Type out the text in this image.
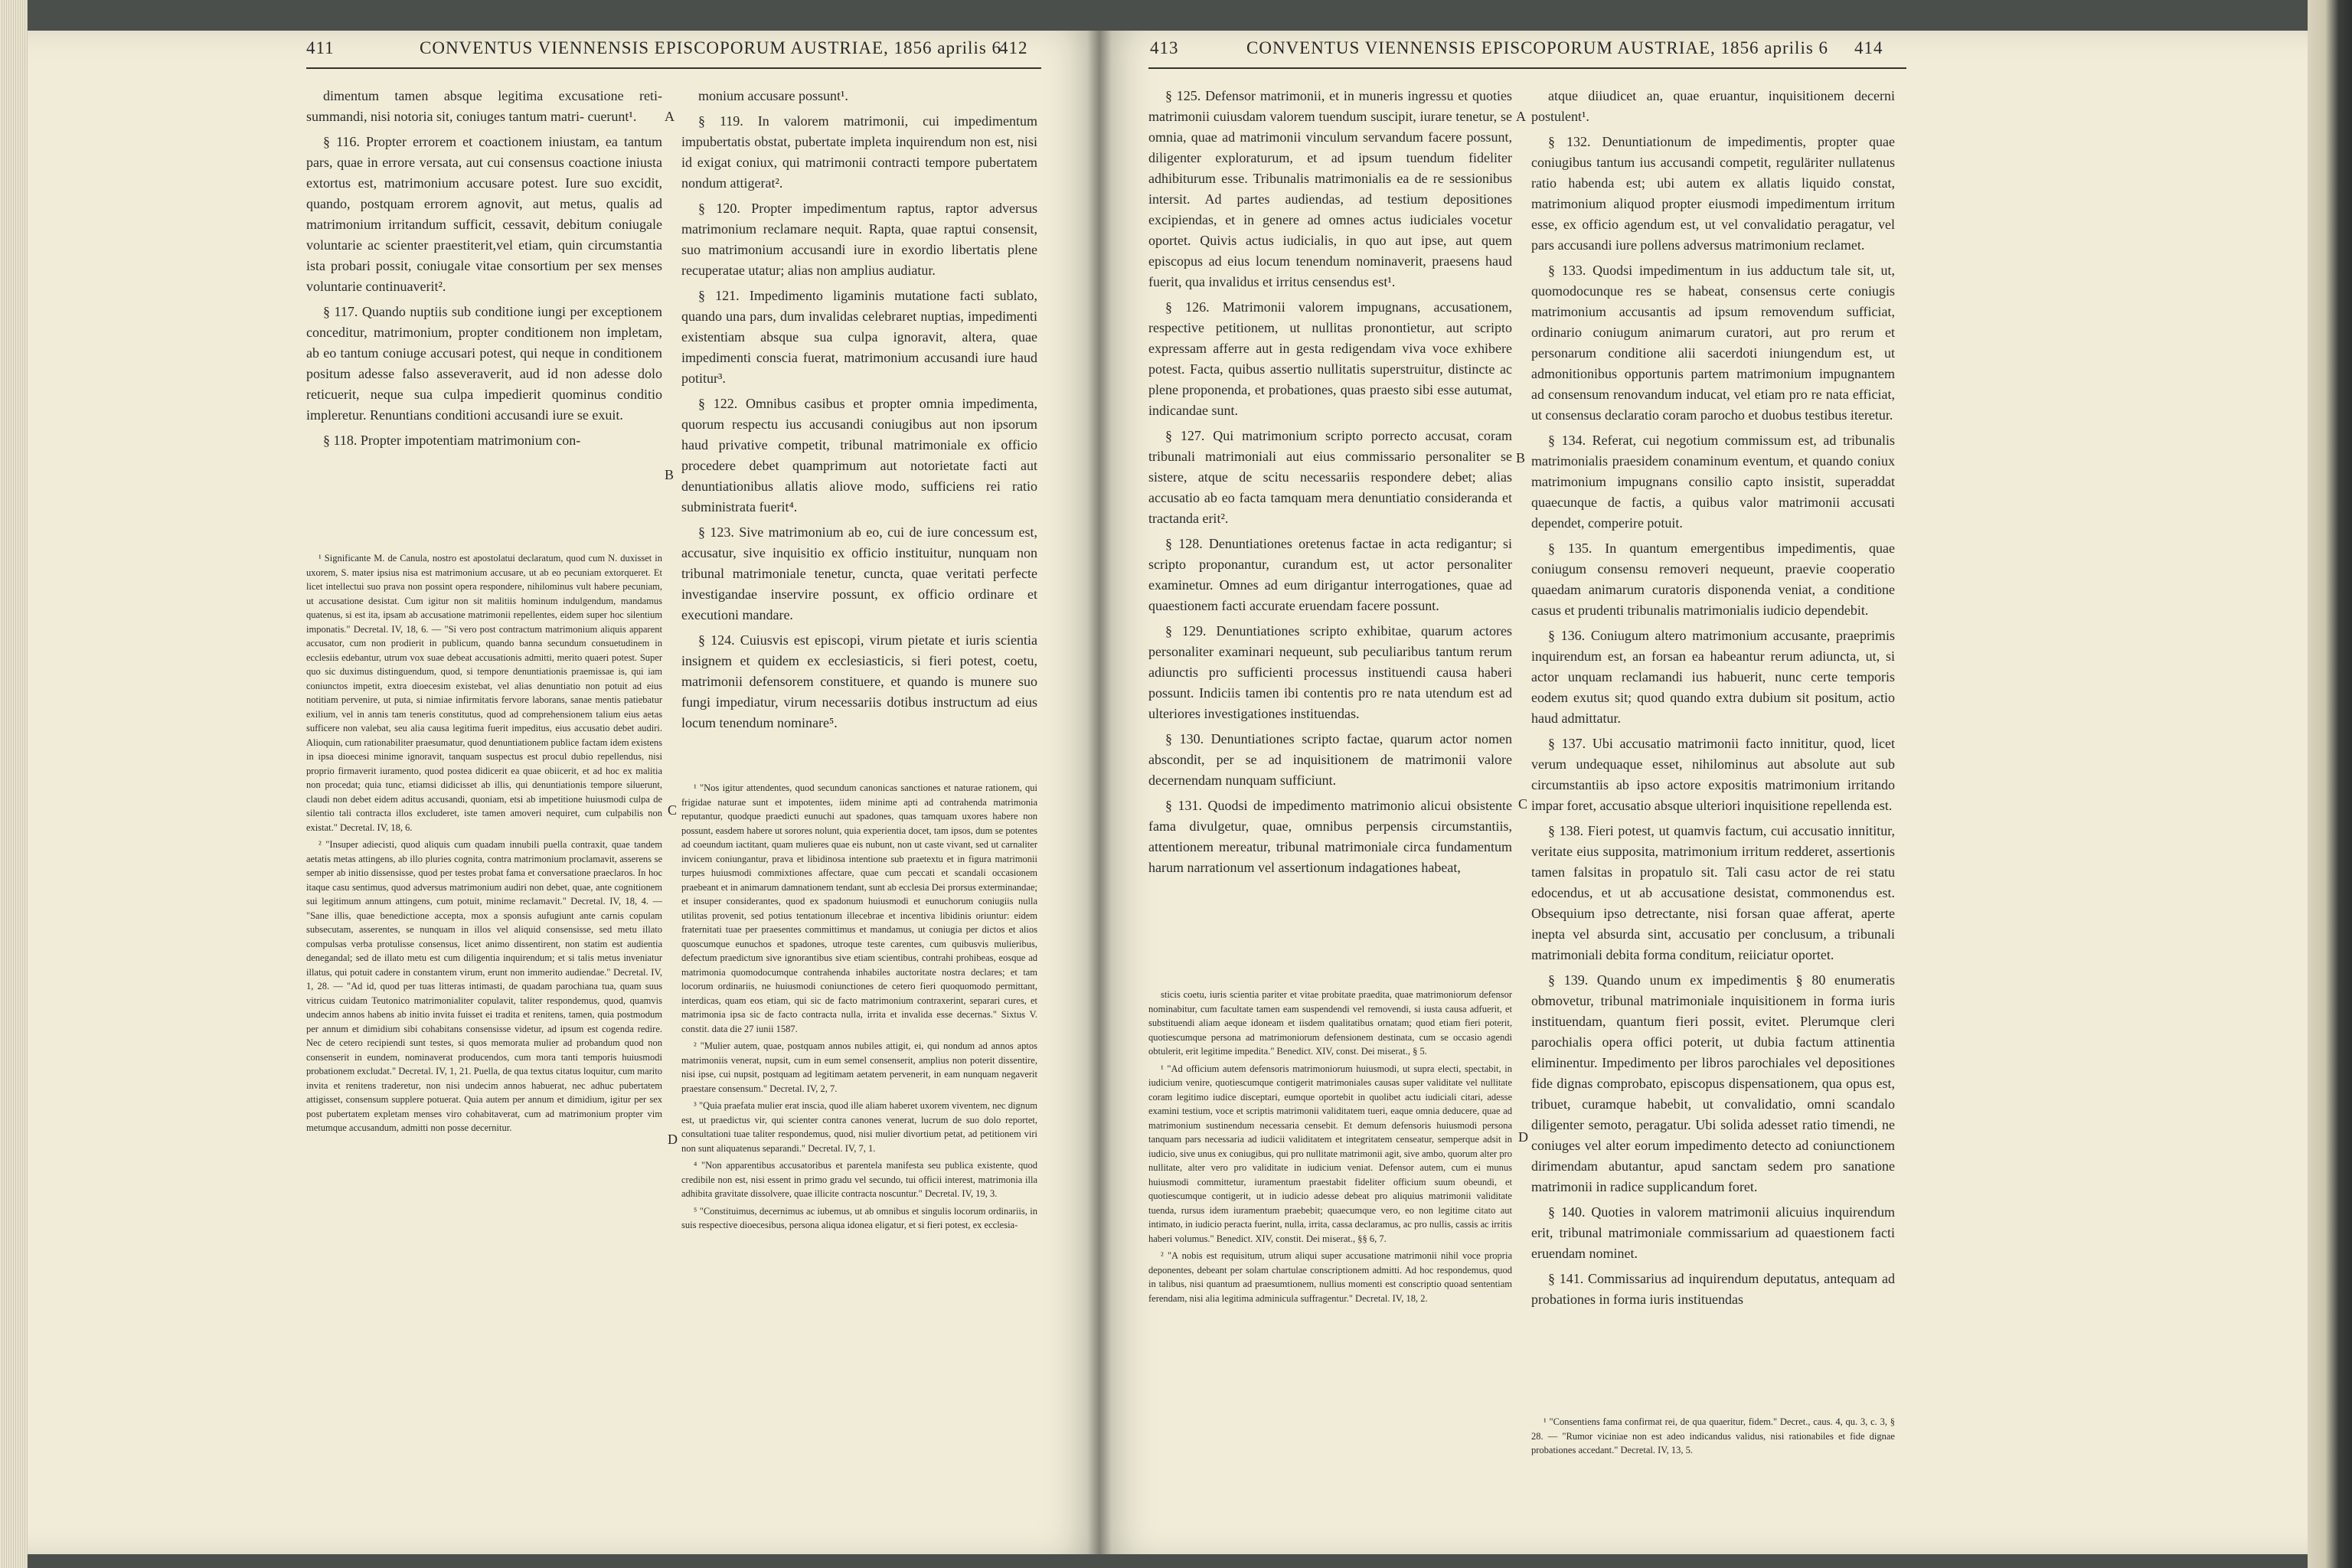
411	CONVENTUS VIENNENSIS EPISCOPORUM AUSTRIAE, 1856 aprilis 6
412

dimentum tamen absque legitima excusatione reti- summandi, nisi notoria sit, coniuges tantum matri- cuerunt¹.

§ 116. Propter errorem et coactionem iniustam, ea tantum pars, quae in errore versata, aut cui consensus coactione iniusta extortus est, matrimonium accusare potest. Iure suo excidit, quando, postquam errorem agnovit, aut metus, qualis ad matrimonium irritandum sufficit, cessavit, debitum coniugale voluntarie ac scienter praestiterit,vel etiam, quin circumstantia ista probari possit, coniugale vitae consortium per sex menses voluntarie continuaverit².

§ 117. Quando nuptiis sub conditione iungi per exceptionem conceditur, matrimonium, propter conditionem non impletam, ab eo tantum coniuge accusari potest, qui neque in conditionem positum adesse falso asseveraverit, aud id non adesse dolo reticuerit, neque sua culpa impedierit quominus conditio impleretur. Renuntians conditioni accusandi iure se exuit.

§ 118. Propter impotentiam matrimonium con-

monium accusare possunt¹.

§ 119. In valorem matrimonii, cui impedimentum impubertatis obstat, pubertate impleta inquirendum non est, nisi id exigat coniux, qui matrimonii contracti tempore pubertatem nondum attigerat².

§ 120. Propter impedimentum raptus, raptor adversus matrimonium reclamare nequit. Rapta, quae raptui consensit, suo matrimonium accusandi iure in exordio libertatis plene recuperatae utatur; alias non amplius audiatur.

§ 121. Impedimento ligaminis mutatione facti sublato, quando una pars, dum invalidas celebraret nuptias, impedimenti existentiam absque sua culpa ignoravit, altera, quae impedimenti conscia fuerat, matrimonium accusandi iure haud potitur³.

§ 122. Omnibus casibus et propter omnia impedimenta, quorum respectu ius accusandi coniugibus aut non ipsorum haud privative competit, tribunal matrimoniale ex officio procedere debet quamprimum aut notorietate facti aut denuntiationibus allatis aliove modo, sufficiens rei ratio subministrata fuerit⁴.

§ 123. Sive matrimonium ab eo, cui de iure concessum est, accusatur, sive inquisitio ex officio instituitur, nunquam non tribunal matrimoniale tenetur, cuncta, quae veritati perfecte investigandae inservire possunt, ex officio ordinare et executioni mandare.

§ 124. Cuiusvis est episcopi, virum pietate et iuris scientia insignem et quidem ex ecclesiasticis, si fieri potest, coetu, matrimonii defensorem constituere, et quando is munere suo fungi impediatur, virum necessariis dotibus instructum ad eius locum tenendum nominare⁵.

¹ Significante M. de Canula, nostro est apostolatui declaratum, quod cum N. duxisset in uxorem, S. mater ipsius nisa est matrimonium accusare, ut ab eo pecuniam extorqueret. Et licet intellectui suo prava non possint opera respondere, nihilominus vult habere pecuniam, ut accusatione desistat. Cum igitur non sit malitiis hominum indulgendum, mandamus quatenus, si est ita, ipsam ab accusatione matrimonii repellentes, eidem super hoc silentium imponatis." Decretal. IV, 18, 6. — "Si vero post contractum matrimonium aliquis apparent accusator, cum non prodierit in publicum, quando banna secundum consuetudinem in ecclesiis edebantur, utrum vox suae debeat accusationis admitti, merito quaeri potest. Super quo sic duximus distinguendum, quod, si tempore denuntiationis praemissae is, qui iam coniunctos impetit, extra dioecesim existebat, vel alias denuntiatio non potuit ad eius notitiam pervenire, ut puta, si nimiae infirmitatis fervore laborans, sanae mentis patiebatur exilium, vel in annis tam teneris constitutus, quod ad comprehensionem talium eius aetas sufficere non valebat, seu alia causa legitima fuerit impeditus, eius accusatio debet audiri. Alioquin, cum rationabiliter praesumatur, quod denuntiationem publice factam idem existens in ipsa dioecesi minime ignoravit, tanquam suspectus est procul dubio repellendus, nisi proprio firmaverit iuramento, quod postea didicerit ea quae obiicerit, et ad hoc ex malitia non procedat; quia tunc, etiamsi didicisset ab illis, qui denuntiationis tempore siluerunt, claudi non debet eidem aditus accusandi, quoniam, etsi ab impetitione huiusmodi culpa de silentio tali contracta illos excluderet, iste tamen amoveri nequiret, cum culpabilis non existat." Decretal. IV, 18, 6.

² "Insuper adiecisti, quod aliquis cum quadam innubili puella contraxit, quae tandem aetatis metas attingens, ab illo pluries cognita, contra matrimonium proclamavit, asserens se semper ab initio dissensisse, quod per testes probat fama et conversatione praeclaros. In hoc itaque casu sentimus, quod adversus matrimonium audiri non debet, quae, ante cognitionem sui legitimum annum attingens, cum potuit, minime reclamavit." Decretal. IV, 18, 4. — "Sane illis, quae benedictione accepta, mox a sponsis aufugiunt ante carnis copulam subsecutam, asserentes, se nunquam in illos vel aliquid consensisse, sed metu illato compulsas verba protulisse consensus, licet animo dissentirent, non statim est audientia denegandal; sed de illato metu est cum diligentia inquirendum; et si talis metus inveniatur illatus, qui potuit cadere in constantem virum, erunt non immerito audiendae." Decretal. IV, 1, 28. — "Ad id, quod per tuas litteras intimasti, de quadam parochiana tua, quam suus vitricus cuidam Teutonico matrimonialiter copulavit, taliter respondemus, quod, quamvis undecim annos habens ab initio invita fuisset ei tradita et renitens, tamen, quia postmodum per annum et dimidium sibi cohabitans consensisse videtur, ad ipsum est cogenda redire. Nec de cetero recipiendi sunt testes, si quos memorata mulier ad probandum quod non consenserit in eundem, nominaverat producendos, cum mora tanti temporis huiusmodi probationem excludat." Decretal. IV, 1, 21. Puella, de qua textus citatus loquitur, cum marito invita et renitens traderetur, non nisi undecim annos habuerat, nec adhuc pubertatem attigisset, consensum supplere potuerat. Quia autem per annum et dimidium, igitur per sex post pubertatem expletam menses viro cohabitaverat, cum ad matrimonium propter vim metumque accusandum, admitti non posse decernitur.

¹ "Nos igitur attendentes, quod secundum canonicas sanctiones et naturae rationem, qui frigidae naturae sunt et impotentes, iidem minime apti ad contrahenda matrimonia reputantur, quodque praedicti eunuchi aut spadones, quas tamquam uxores habere non possunt, easdem habere ut sorores nolunt, quia experientia docet, tam ipsos, dum se potentes ad coeundum iactitant, quam mulieres quae eis nubunt, non ut caste vivant, sed ut carnaliter invicem coniungantur, prava et libidinosa intentione sub praetextu et in figura matrimonii turpes huiusmodi commixtiones affectare, quae cum peccati et scandali occasionem praebeant et in animarum damnationem tendant, sunt ab ecclesia Dei prorsus exterminandae; et insuper considerantes, quod ex spadonum huiusmodi et eunuchorum coniugiis nulla utilitas provenit, sed potius tentationum illecebrae et incentiva libidinis oriuntur: eidem fraternitati tuae per praesentes committimus et mandamus, ut coniugia per dictos et alios quoscumque eunuchos et spadones, utroque teste carentes, cum quibusvis mulieribus, defectum praedictum sive ignorantibus sive etiam scientibus, contrahi prohibeas, eosque ad matrimonia quomodocumque contrahenda inhabiles auctoritate nostra declares; et tam locorum ordinariis, ne huiusmodi coniunctiones de cetero fieri quoquomodo permittant, interdicas, quam eos etiam, qui sic de facto matrimonium contraxerint, separari cures, et matrimonia ipsa sic de facto contracta nulla, irrita et invalida esse decernas." Sixtus V. constit. data die 27 iunii 1587.

² "Mulier autem, quae, postquam annos nubiles attigit, ei, qui nondum ad annos aptos matrimoniis venerat, nupsit, cum in eum semel consenserit, amplius non poterit dissentire, nisi ipse, cui nupsit, postquam ad legitimam aetatem pervenerit, in eam nunquam negaverit praestare consensum." Decretal. IV, 2, 7.

³ "Quia praefata mulier erat inscia, quod ille aliam haberet uxorem viventem, nec dignum est, ut praedictus vir, qui scienter contra canones venerat, lucrum de suo dolo reportet, consultationi tuae taliter respondemus, quod, nisi mulier divortium petat, ad petitionem viri non sunt aliquatenus separandi." Decretal. IV, 7, 1.

⁴ "Non apparentibus accusatoribus et parentela manifesta seu publica existente, quod credibile non est, nisi essent in primo gradu vel secundo, tui officii interest, matrimonia illa adhibita gravitate dissolvere, quae illicite contracta noscuntur." Decretal. IV, 19, 3.

⁵ "Constituimus, decernimus ac iubemus, ut ab omnibus et singulis locorum ordinariis, in suis respective dioecesibus, persona aliqua idonea eligatur, et si fieri potest, ex ecclesia-

A
B
C
D
413	CONVENTUS VIENNENSIS EPISCOPORUM AUSTRIAE, 1856 aprilis 6 414

§ 125. Defensor matrimonii, et in muneris ingressu et quoties matrimonii cuiusdam valorem tuendum suscipit, iurare tenetur, se omnia, quae ad matrimonii vinculum servandum facere possunt, diligenter exploraturum, et ad ipsum tuendum fideliter adhibiturum esse. Tribunalis matrimonialis ea de re sessionibus intersit. Ad partes audiendas, ad testium depositiones excipiendas, et in genere ad omnes actus iudiciales vocetur oportet. Quivis actus iudicialis, in quo aut ipse, aut quem episcopus ad eius locum tenendum nominaverit, praesens haud fuerit, qua invalidus et irritus censendus est¹.

§ 126. Matrimonii valorem impugnans, accusationem, respective petitionem, ut nullitas pronontietur, aut scripto expressam afferre aut in gesta redigendam viva voce exhibere potest. Facta, quibus assertio nullitatis superstruitur, distincte ac plene proponenda, et probationes, quas praesto sibi esse autumat, indicandae sunt.

§ 127. Qui matrimonium scripto porrecto accusat, coram tribunali matrimoniali aut eius commissario personaliter se sistere, atque de scitu necessariis respondere debet; alias accusatio ab eo facta tamquam mera denuntiatio consideranda et tractanda erit².

§ 128. Denuntiationes oretenus factae in acta redigantur; si scripto proponantur, curandum est, ut actor personaliter examinetur. Omnes ad eum dirigantur interrogationes, quae ad quaestionem facti accurate eruendam facere possunt.

§ 129. Denuntiationes scripto exhibitae, quarum actores personaliter examinari nequeunt, sub peculiaribus tantum rerum adiunctis pro sufficienti processus instituendi causa haberi possunt. Indiciis tamen ibi contentis pro re nata utendum est ad ulteriores investigationes instituendas.

§ 130. Denuntiationes scripto factae, quarum actor nomen abscondit, per se ad inquisitionem de matrimonii valore decernendam nunquam sufficiunt.

§ 131. Quodsi de impedimento matrimonio alicui obsistente fama divulgetur, quae, omnibus perpensis circumstantiis, attentionem mereatur, tribunal matrimoniale circa fundamentum harum narrationum vel assertionum indagationes habeat,

atque diiudicet an, quae eruantur, inquisitionem decerni postulent¹.

§ 132. Denuntiationum de impedimentis, propter quae coniugibus tantum ius accusandi competit, reguläriter nullatenus ratio habenda est; ubi autem ex allatis liquido constat, matrimonium aliquod propter eiusmodi impedimentum irritum esse, ex officio agendum est, ut vel convalidatio peragatur, vel pars accusandi iure pollens adversus matrimonium reclamet.

§ 133. Quodsi impedimentum in ius adductum tale sit, ut, quomodocunque res se habeat, consensus certe coniugis matrimonium accusantis ad ipsum removendum sufficiat, ordinario coniugum animarum curatori, aut pro rerum et personarum conditione alii sacerdoti iniungendum est, ut admonitionibus opportunis partem matrimonium impugnantem ad consensum renovandum inducat, vel etiam pro re nata efficiat, ut consensus declaratio coram parocho et duobus testibus iteretur.

§ 134. Referat, cui negotium commissum est, ad tribunalis matrimonialis praesidem conaminum eventum, et quando coniux matrimonium impugnans consilio capto insistit, superaddat quaecunque de factis, a quibus valor matrimonii accusati dependet, comperire potuit.

§ 135. In quantum emergentibus impedimentis, quae coniugum consensu removeri nequeunt, praevie cooperatio quaedam animarum curatoris disponenda veniat, a conditione casus et prudenti tribunalis matrimonialis iudicio dependebit.

§ 136. Coniugum altero matrimonium accusante, praeprimis inquirendum est, an forsan ea habeantur rerum adiuncta, ut, si actor unquam reclamandi ius habuerit, nunc certe temporis eodem exutus sit; quod quando extra dubium sit positum, actio haud admittatur.

§ 137. Ubi accusatio matrimonii facto innititur, quod, licet verum undequaque esset, nihilominus aut absolute aut sub circumstantiis ab ipso actore expositis matrimonium irritando impar foret, accusatio absque ulteriori inquisitione repellenda est.

§ 138. Fieri potest, ut quamvis factum, cui accusatio innititur, veritate eius supposita, matrimonium irritum redderet, assertionis tamen falsitas in propatulo sit. Tali casu actor de rei statu edocendus, et ut ab accusatione desistat, commonendus est. Obsequium ipso detrectante, nisi forsan quae afferat, aperte inepta vel absurda sint, accusatio per conclusum, a tribunali matrimoniali debita forma conditum, reiiciatur oportet.

§ 139. Quando unum ex impedimentis § 80 enumeratis obmovetur, tribunal matrimoniale inquisitionem in forma iuris instituendam, quantum fieri possit, evitet. Plerumque cleri parochialis opera offici poterit, ut dubia factum attinentia eliminentur. Impedimento per libros parochiales vel depositiones fide dignas comprobato, episcopus dispensationem, qua opus est, tribuet, curamque habebit, ut convalidatio, omni scandalo diligenter semoto, peragatur. Ubi solida adesset ratio timendi, ne coniuges vel alter eorum impedimento detecto ad coniunctionem dirimendam abutantur, apud sanctam sedem pro sanatione matrimonii in radice supplicandum foret.

§ 140. Quoties in valorem matrimonii alicuius inquirendum erit, tribunal matrimoniale commissarium ad quaestionem facti eruendam nominet.

§ 141. Commissarius ad inquirendum deputatus, antequam ad probationes in forma iuris instituendas

sticis coetu, iuris scientia pariter et vitae probitate praedita, quae matrimoniorum defensor nominabitur, cum facultate tamen eam suspendendi vel removendi, si iusta causa adfuerit, et substituendi aliam aeque idoneam et iisdem qualitatibus ornatam; quod etiam fieri poterit, quotiescumque persona ad matrimoniorum defensionem destinata, cum se occasio agendi obtulerit, erit legitime impedita." Benedict. XIV, const. Dei miserat., § 5.

¹ "Ad officium autem defensoris matrimoniorum huiusmodi, ut supra electi, spectabit, in iudicium venire, quotiescumque contigerit matrimoniales causas super validitate vel nullitate coram legitimo iudice disceptari, eumque oportebit in quolibet actu iudiciali citari, adesse examini testium, voce et scriptis matrimonii validitatem tueri, eaque omnia deducere, quae ad matrimonium sustinendum necessaria censebit. Et demum defensoris huiusmodi persona tanquam pars necessaria ad iudicii validitatem et integritatem censeatur, semperque adsit in iudicio, sive unus ex coniugibus, qui pro nullitate matrimonii agit, sive ambo, quorum alter pro nullitate, alter vero pro validitate in iudicium veniat. Defensor autem, cum ei munus huiusmodi committetur, iuramentum praestabit fideliter officium suum obeundi, et quotiescumque contigerit, ut in iudicio adesse debeat pro aliquius matrimonii validitate tuenda, rursus idem iuramentum praebebit; quaecumque vero, eo non legitime citato aut intimato, in iudicio peracta fuerint, nulla, irrita, cassa declaramus, ac pro nullis, cassis ac irritis haberi volumus." Benedict. XIV, constit. Dei miserat., §§ 6, 7.

² "A nobis est requisitum, utrum aliqui super accusatione matrimonii nihil voce propria deponentes, debeant per solam chartulae conscriptionem admitti. Ad hoc respondemus, quod in talibus, nisi quantum ad praesumtionem, nullius momenti est conscriptio quoad sententiam ferendam, nisi alia legitima adminicula suffragentur." Decretal. IV, 18, 2.

¹ "Consentiens fama confirmat rei, de qua quaeritur, fidem." Decret., caus. 4, qu. 3, c. 3, § 28. — "Rumor viciniae non est adeo indicandus validus, nisi rationabiles et fide dignae probationes accedant." Decretal. IV, 13, 5.

A
B
C
D
